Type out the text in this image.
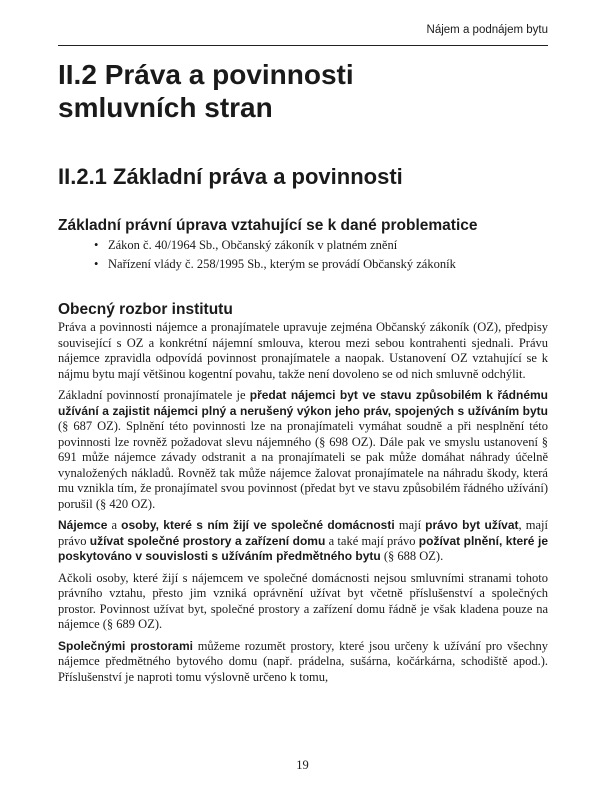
Nájem a podnájem bytu
II.2 Práva a povinnosti
smluvních stran
II.2.1 Základní práva a povinnosti
Základní právní úprava vztahující se k dané problematice
• Zákon č. 40/1964 Sb., Občanský zákoník v platném znění
• Nařízení vlády č. 258/1995 Sb., kterým se provádí Občanský zákoník
Obecný rozbor institutu

Práva a povinnosti nájemce a pronajímatele upravuje zejména Občanský zákoník (OZ), předpisy související s OZ a konkrétní nájemní smlouva, kterou mezi sebou kontrahenti sjednali. Právu nájemce zpravidla odpovídá povinnost pronajímatele a naopak. Ustanovení OZ vztahující se k nájmu bytu mají většinou kogentní povahu, takže není dovoleno se od nich smluvně odchýlit.

Základní povinností pronajímatele je předat nájemci byt ve stavu způsobilém k řádnému užívání a zajistit nájemci plný a nerušený výkon jeho práv, spojených s užíváním bytu (§ 687 OZ). Splnění této povinnosti lze na pronajímateli vymáhat soudně a při nesplnění této povinnosti lze rovněž požadovat slevu nájemného (§ 698 OZ). Dále pak ve smyslu ustanovení § 691 může nájemce závady odstranit a na pronajímateli se pak může domáhat náhrady účelně vynaložených nákladů. Rovněž tak může nájemce žalovat pronajímatele na náhradu škody, která mu vznikla tím, že pronajímatel svou povinnost (předat byt ve stavu způsobilém řádného užívání) porušil (§ 420 OZ).

Nájemce a osoby, které s ním žijí ve společné domácnosti mají právo byt užívat, mají právo užívat společné prostory a zařízení domu a také mají právo požívat plnění, které je poskytováno v souvislosti s užíváním předmětného bytu (§ 688 OZ).

Ačkoli osoby, které žijí s nájemcem ve společné domácnosti nejsou smluvními stranami tohoto právního vztahu, přesto jim vzniká oprávnění užívat byt včetně příslušenství a společných prostor. Povinnost užívat byt, společné prostory a zařízení domu řádně je však kladena pouze na nájemce (§ 689 OZ).

Společnými prostorami můžeme rozumět prostory, které jsou určeny k užívání pro všechny nájemce předmětného bytového domu (např. prádelna, sušárna, kočárkárna, schodiště apod.). Příslušenství je naproti tomu výslovně určeno k tomu,

19
